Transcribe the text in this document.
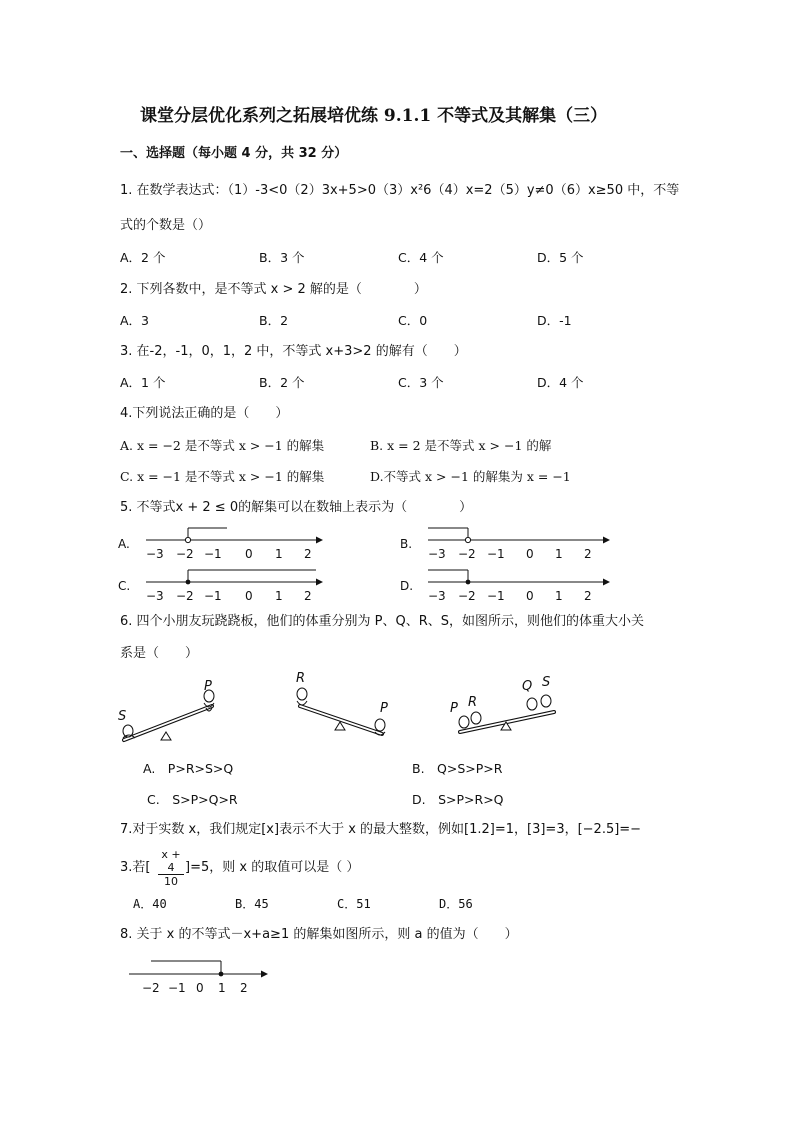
课堂分层优化系列之拓展培优练 9.1.1 不等式及其解集（三）
一、选择题（每小题 4 分，共 32 分）
1. 在数学表达式：（1）-3<0（2）3x+5>0（3）x²6（4）x=2（5）y≠0（6）x≥50 中，不等
式的个数是（）
A．2 个	B．3 个	C．4 个	D．5 个
2. 下列各数中，是不等式 x > 2 解的是（　　　　）
A．3	B．2	C．0	D．-1
3. 在-2，-1，0，1，2 中，不等式 x+3>2 的解有（　　）
A．1 个	B．2 个	C．3 个	D．4 个
4.下列说法正确的是（　　）
A. x = −2 是不等式 x > −1 的解集	B. x = 2 是不等式 x > −1 的解
C. x = −1 是不等式 x > −1 的解集	D.不等式 x > −1 的解集为 x = −1
5. 不等式x + 2 ≤ 0的解集可以在数轴上表示为（　　　　）
A.
−3 −2 −1 0 1 2
B.
−3 −2 −1 0 1 2
C.
−3 −2 −1 0 1 2
D.
−3 −2 −1 0 1 2
6. 四个小朋友玩跷跷板，他们的体重分别为 P、Q、R、S，如图所示，则他们的体重大小关
系是（　　）
S
P
R
P	P R
Q S
A.　P>R>S>Q	B.　Q>S>P>R
C.　S>P>Q>R	D.　S>P>R>Q
7.对于实数 x，我们规定[x]表示不大于 x 的最大整数，例如[1.2]=1，[3]=3，[−2.5]=−
3.若[ $\frac{x + 4}{10} ]=5$，则 x 的取值可以是（ ）
A．40	B．45	C．51	D．56
8. 关于 x 的不等式－x+a≥1 的解集如图所示，则 a 的值为（　　）
−2 −1 0 1 2
